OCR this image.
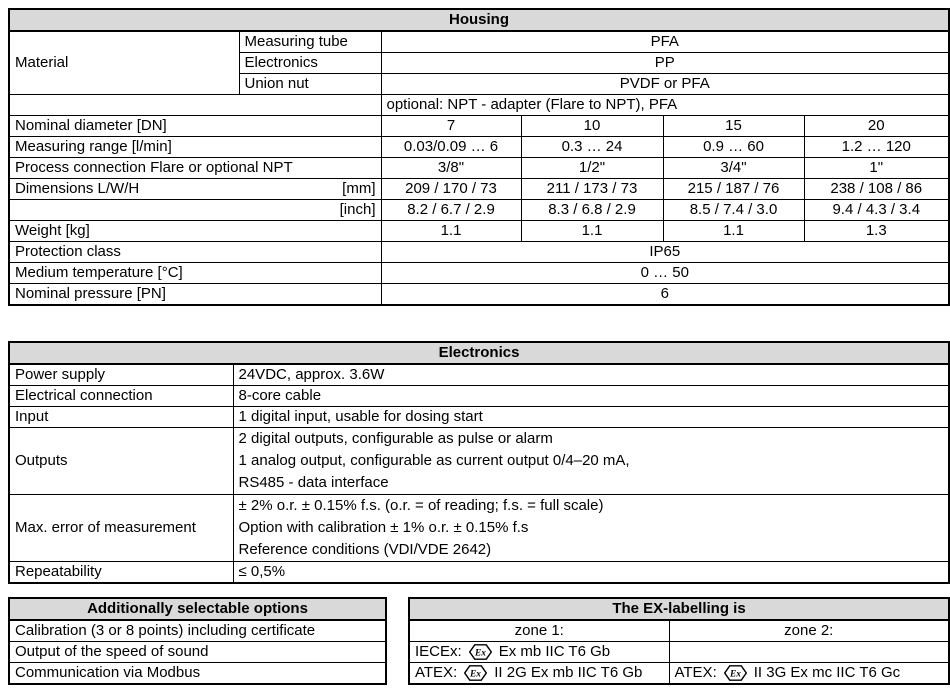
Housing					
Material	Measuring tube	PFA			
	Electronics	PP			
	Union nut	PVDF or PFA			
		optional: NPT - adapter (Flare to NPT), PFA			
Nominal diameter [DN]		7	10	15	20
Measuring range [l/min]		0.03/0.09 … 6	0.3 … 24	0.9 … 60	1.2 … 120
Process connection Flare or optional NPT		3/8"	1/2"	3/4"	1"

Dimensions L/W/H [mm]		209 / 170 / 73	211 / 173 / 73	215 / 187 / 76	238 / 108 / 86

[inch]		8.2 / 6.7 / 2.9	8.3 / 6.8 / 2.9	8.5 / 7.4 / 3.0	9.4 / 4.3 / 3.4
Weight [kg]		1.1	1.1	1.1	1.3
Protection class		IP65			
Medium temperature [°C]		0 … 50			
Nominal pressure [PN]		6			
Electronics	
Power supply	24VDC, approx. 3.6W
Electrical connection	8-core cable
Input	1 digital input, usable for dosing start
Outputs	2 digital outputs, configurable as pulse or alarm
1 analog output, configurable as current output 0/4–20 mA,
RS485 - data interface

Max. error of measurement	± 2% o.r. ± 0.15% f.s. (o.r. = of reading; f.s. = full scale)
Option with calibration ± 1% o.r. ± 0.15% f.s
Reference conditions (VDI/VDE 2642)

Repeatability	≤ 0,5%
Additionally selectable options
Calibration (3 or 8 points) including certificate
Output of the speed of sound
Communication via Modbus
The EX-labelling is	
zone 1:	zone 2:

IECEx: Ex Ex mb IIC T6 Gb	

ATEX: Ex II 2G Ex mb IIC T6 Gb	ATEX: Ex II 3G Ex mc IIC T6 Gc
